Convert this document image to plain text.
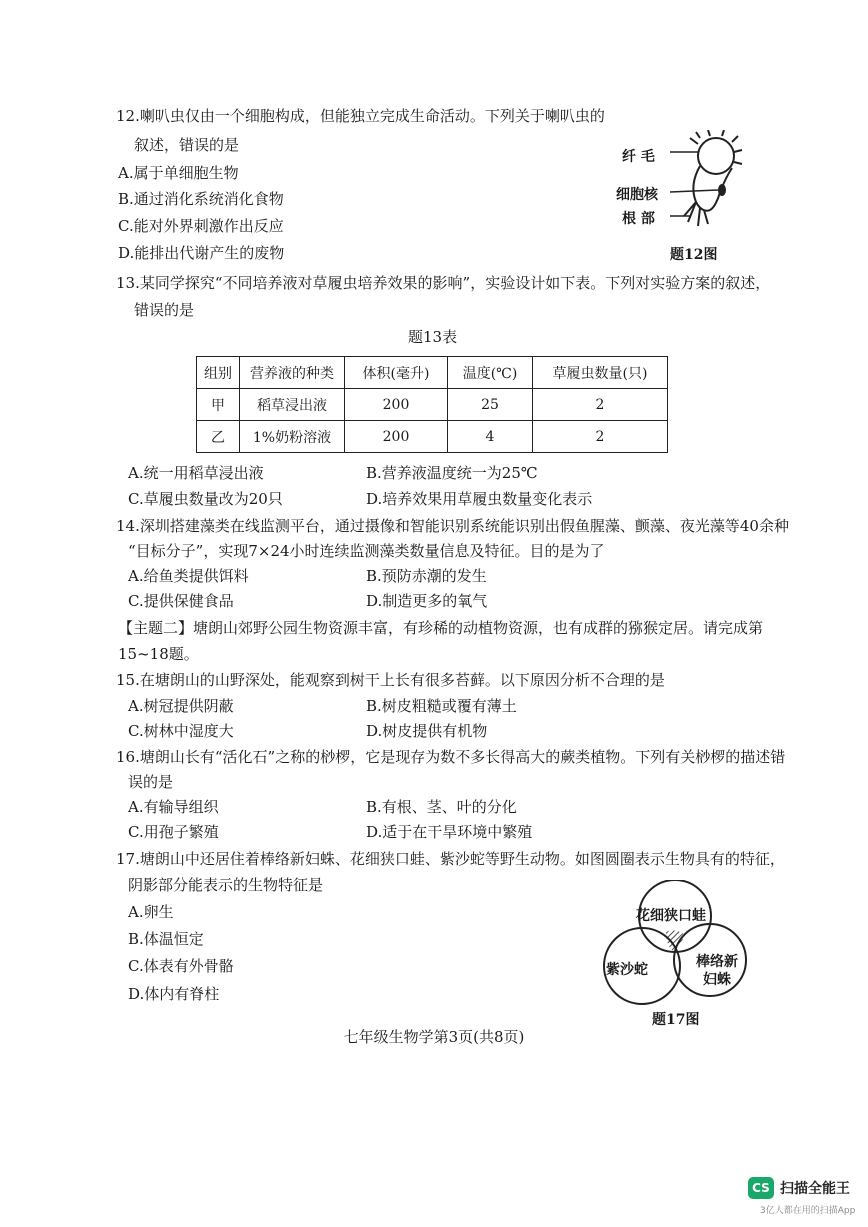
12.喇叭虫仅由一个细胞构成，但能独立完成生命活动。下列关于喇叭虫的
叙述，错误的是
A.属于单细胞生物
B.通过消化系统消化食物
C.能对外界刺激作出反应
D.能排出代谢产生的废物
纤 毛
细胞核
根 部
题12图
13.某同学探究“不同培养液对草履虫培养效果的影响”，实验设计如下表。下列对实验方案的叙述，
错误的是
题13表
组别	营养液的种类	体积(毫升)	温度(℃)	草履虫数量(只)
甲	稻草浸出液	200	25	2
乙	1%奶粉溶液	200	4	2
A.统一用稻草浸出液	B.营养液温度统一为25℃
C.草履虫数量改为20只	D.培养效果用草履虫数量变化表示
14.深圳搭建藻类在线监测平台，通过摄像和智能识别系统能识别出假鱼腥藻、颤藻、夜光藻等40余种
“目标分子”，实现7×24小时连续监测藻类数量信息及特征。目的是为了
A.给鱼类提供饵料	B.预防赤潮的发生
C.提供保健食品	D.制造更多的氧气
【主题二】塘朗山郊野公园生物资源丰富，有珍稀的动植物资源，也有成群的猕猴定居。请完成第
15~18题。
15.在塘朗山的山野深处，能观察到树干上长有很多苔藓。以下原因分析不合理的是
A.树冠提供阴蔽	B.树皮粗糙或覆有薄土
C.树林中湿度大	D.树皮提供有机物
16.塘朗山长有“活化石”之称的桫椤，它是现存为数不多长得高大的蕨类植物。下列有关桫椤的描述错
误的是
A.有输导组织	B.有根、茎、叶的分化
C.用孢子繁殖	D.适于在干旱环境中繁殖
17.塘朗山中还居住着棒络新妇蛛、花细狭口蛙、紫沙蛇等野生动物。如图圆圈表示生物具有的特征，
阴影部分能表示的生物特征是
A.卵生
B.体温恒定
C.体表有外骨骼
D.体内有脊柱
花细狭口蛙
紫沙蛇	棒络新
妇蛛
题17图
七年级生物学第3页(共8页)
CS 扫描全能王
3亿人都在用的扫描App
